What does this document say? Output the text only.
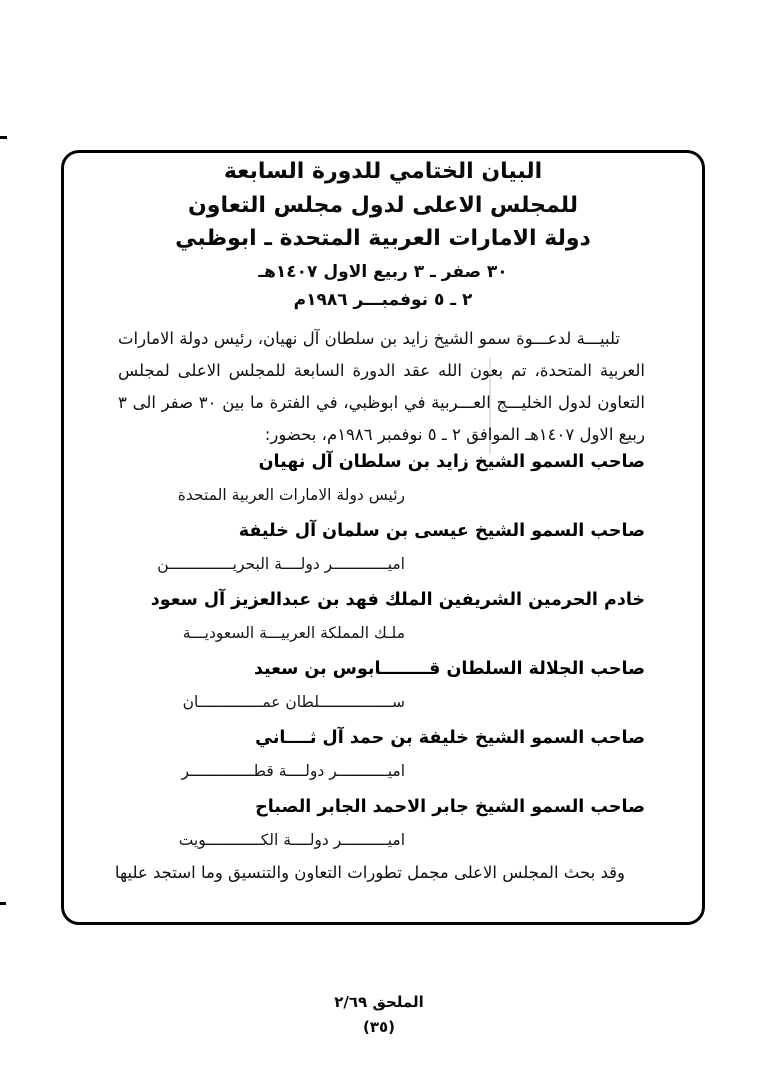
البيان الختامي للدورة السابعة
للمجلس الاعلى لدول مجلس التعاون
دولة الامارات العربية المتحدة ـ ابوظبي
٣٠ صفر ـ ٣ ربيع الاول ١٤٠٧هـ
٢ ـ ٥ نوفمبـــر ١٩٨٦م
تلبيـــة لدعـــوة سمو الشيخ زايد بن سلطان آل نهيان، رئيس دولة الامارات العربية المتحدة، تم بعون الله عقد الدورة السابعة للمجلس الاعلى لمجلس التعاون لدول الخليـــج العـــربية في ابوظبي، في الفترة ما بين ٣٠ صفر الى ٣ ربيع الاول ١٤٠٧هـ الموافق ٢ ـ ٥ نوفمبر ١٩٨٦م، بحضور:
صاحب السمو الشيخ زايد بن سلطان آل نهيان
رئيس دولة الامارات العربية المتحدة
صاحب السمو الشيخ عيسى بن سلمان آل خليفة
اميــــــــــــر دولــــة البحريــــــــــــــن
خادم الحرمين الشريفين الملك فهد بن عبدالعزيز آل سعود
ملـك المملكة العربيـــة السعوديـــة
صاحب الجلالة السلطان قــــــــابوس بن سعيد
ســــــــــــــــلطان عمــــــــــــــان
صاحب السمو الشيخ خليفة بن حمد آل ثــــاني
اميـــــــــــر دولــــة قطــــــــــــــر
صاحب السمو الشيخ جابر الاحمد الجابر الصباح
اميــــــــــر دولــــة الكــــــــــــويت
وقد بحث المجلس الاعلى مجمل تطورات التعاون والتنسيق وما استجد عليها
الملحق ٢/٦٩
(٣٥)
